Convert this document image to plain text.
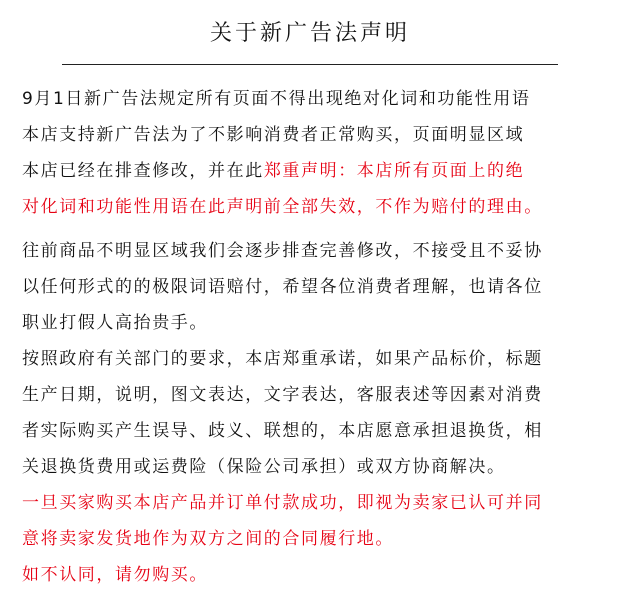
关于新广告法声明
9月1日新广告法规定所有页面不得出现绝对化词和功能性用语
本店支持新广告法为了不影响消费者正常购买，页面明显区域
本店已经在排查修改，并在此郑重声明：本店所有页面上的绝
对化词和功能性用语在此声明前全部失效，不作为赔付的理由。
往前商品不明显区域我们会逐步排查完善修改，不接受且不妥协
以任何形式的的极限词语赔付，希望各位消费者理解，也请各位
职业打假人高抬贵手。
按照政府有关部门的要求，本店郑重承诺，如果产品标价，标题
生产日期，说明，图文表达，文字表达，客服表述等因素对消费
者实际购买产生误导、歧义、联想的，本店愿意承担退换货，相
关退换货费用或运费险（保险公司承担）或双方协商解决。
一旦买家购买本店产品并订单付款成功，即视为卖家已认可并同
意将卖家发货地作为双方之间的合同履行地。
如不认同，请勿购买。
